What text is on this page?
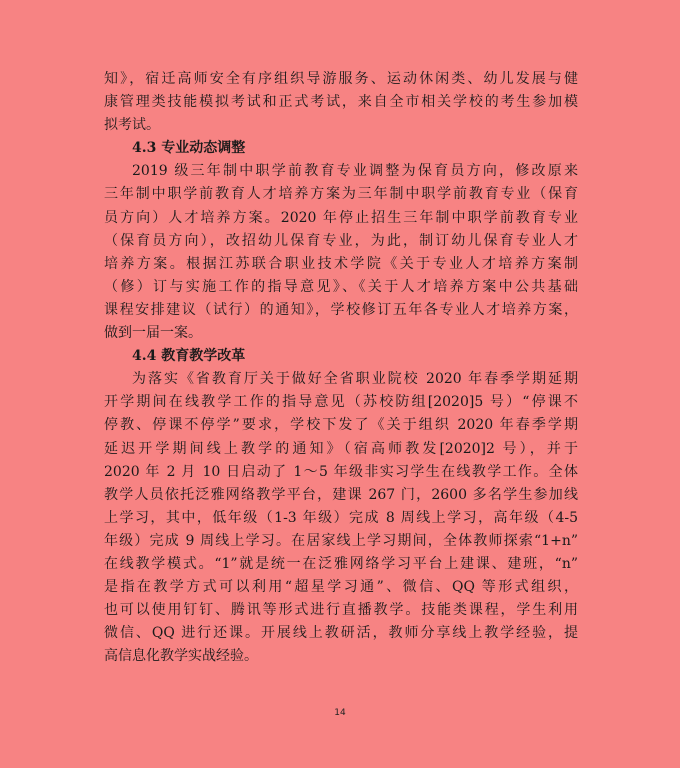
知》，宿迁高师安全有序组织导游服务、运动休闲类、幼儿发展与健
康管理类技能模拟考试和正式考试，来自全市相关学校的考生参加模
拟考试。
4.3 专业动态调整
2019 级三年制中职学前教育专业调整为保育员方向，修改原来
三年制中职学前教育人才培养方案为三年制中职学前教育专业（保育
员方向）人才培养方案。2020 年停止招生三年制中职学前教育专业
（保育员方向），改招幼儿保育专业，为此，制订幼儿保育专业人才
培养方案。根据江苏联合职业技术学院《关于专业人才培养方案制
（修）订与实施工作的指导意见》、《关于人才培养方案中公共基础
课程安排建议（试行）的通知》，学校修订五年各专业人才培养方案，
做到一届一案。
4.4 教育教学改革
为落实《省教育厅关于做好全省职业院校 2020 年春季学期延期
开学期间在线教学工作的指导意见（苏校防组[2020]5 号）“停课不
停教、停课不停学”要求，学校下发了《关于组织 2020 年春季学期
延迟开学期间线上教学的通知》（宿高师教发[2020]2 号），并于
2020 年 2 月 10 日启动了 1～5 年级非实习学生在线教学工作。全体
教学人员依托泛雅网络教学平台，建课 267 门，2600 多名学生参加线
上学习，其中，低年级（1-3 年级）完成 8 周线上学习，高年级（4-5
年级）完成 9 周线上学习。在居家线上学习期间，全体教师探索“1+n”
在线教学模式。“1”就是统一在泛雅网络学习平台上建课、建班，“n”
是指在教学方式可以利用“超星学习通”、微信、QQ 等形式组织，
也可以使用钉钉、腾讯等形式进行直播教学。技能类课程，学生利用
微信、QQ 进行还课。开展线上教研活，教师分享线上教学经验，提
高信息化教学实战经验。
14
